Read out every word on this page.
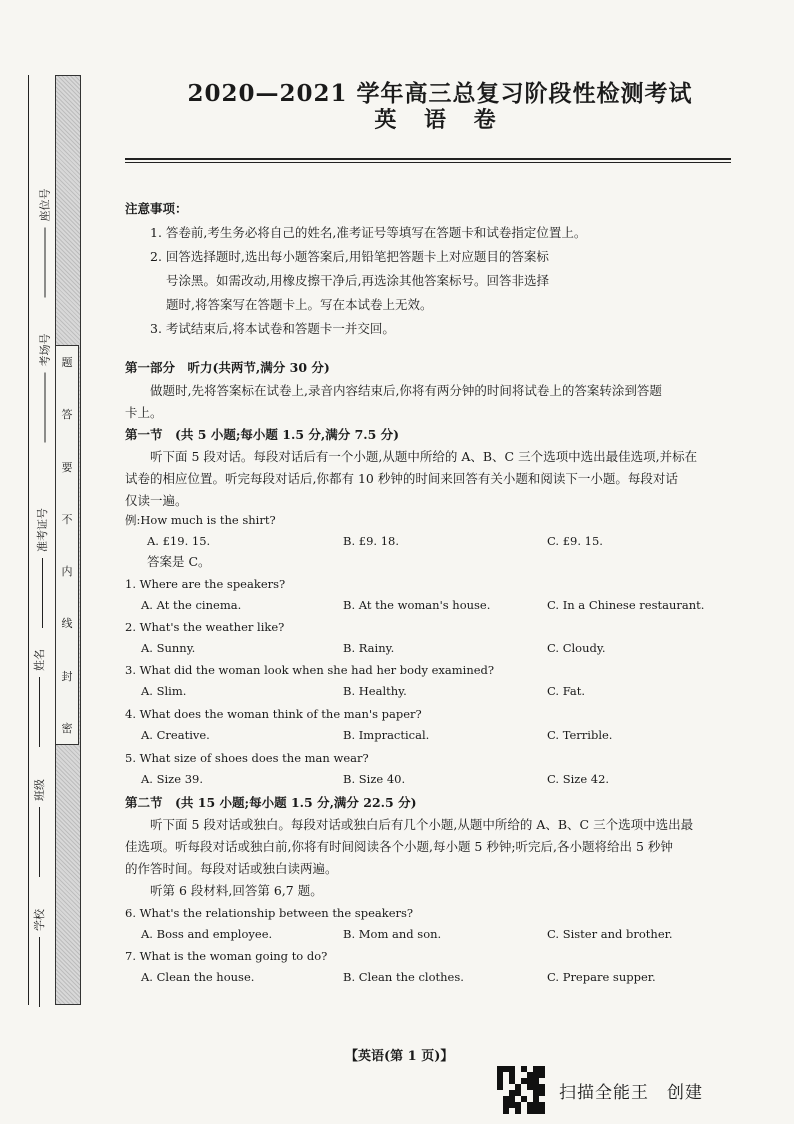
题
答
要
不
内
线
封
密
座位号
考场号
准考证号
姓名
班级
学校
2020—2021 学年高三总复习阶段性检测考试
英 语 卷
注意事项：
1. 答卷前,考生务必将自己的姓名,准考证号等填写在答题卡和试卷指定位置上。
2. 回答选择题时,选出每小题答案后,用铅笔把答题卡上对应题目的答案标
号涂黑。如需改动,用橡皮擦干净后,再选涂其他答案标号。回答非选择
题时,将答案写在答题卡上。写在本试卷上无效。
3. 考试结束后,将本试卷和答题卡一并交回。
第一部分　听力(共两节,满分 30 分)
做题时,先将答案标在试卷上,录音内容结束后,你将有两分钟的时间将试卷上的答案转涂到答题
卡上。
第一节　(共 5 小题;每小题 1.5 分,满分 7.5 分)
听下面 5 段对话。每段对话后有一个小题,从题中所给的 A、B、C 三个选项中选出最佳选项,并标在
试卷的相应位置。听完每段对话后,你都有 10 秒钟的时间来回答有关小题和阅读下一小题。每段对话
仅读一遍。
例:How much is the shirt?
A. £19. 15.	B. £9. 18.	C. £9. 15.
答案是 C。
1. Where are the speakers?
A. At the cinema.	B. At the woman's house.	C. In a Chinese restaurant.
2. What's the weather like?
A. Sunny.	B. Rainy.	C. Cloudy.
3. What did the woman look when she had her body examined?
A. Slim.	B. Healthy.	C. Fat.
4. What does the woman think of the man's paper?
A. Creative.	B. Impractical.	C. Terrible.
5. What size of shoes does the man wear?
A. Size 39.	B. Size 40.	C. Size 42.
第二节　(共 15 小题;每小题 1.5 分,满分 22.5 分)
听下面 5 段对话或独白。每段对话或独白后有几个小题,从题中所给的 A、B、C 三个选项中选出最
佳选项。听每段对话或独白前,你将有时间阅读各个小题,每小题 5 秒钟;听完后,各小题将给出 5 秒钟
的作答时间。每段对话或独白读两遍。
听第 6 段材料,回答第 6,7 题。
6. What's the relationship between the speakers?
A. Boss and employee.	B. Mom and son.	C. Sister and brother.
7. What is the woman going to do?
A. Clean the house.	B. Clean the clothes.	C. Prepare supper.
【英语(第 1 页)】
扫描全能王　创建
